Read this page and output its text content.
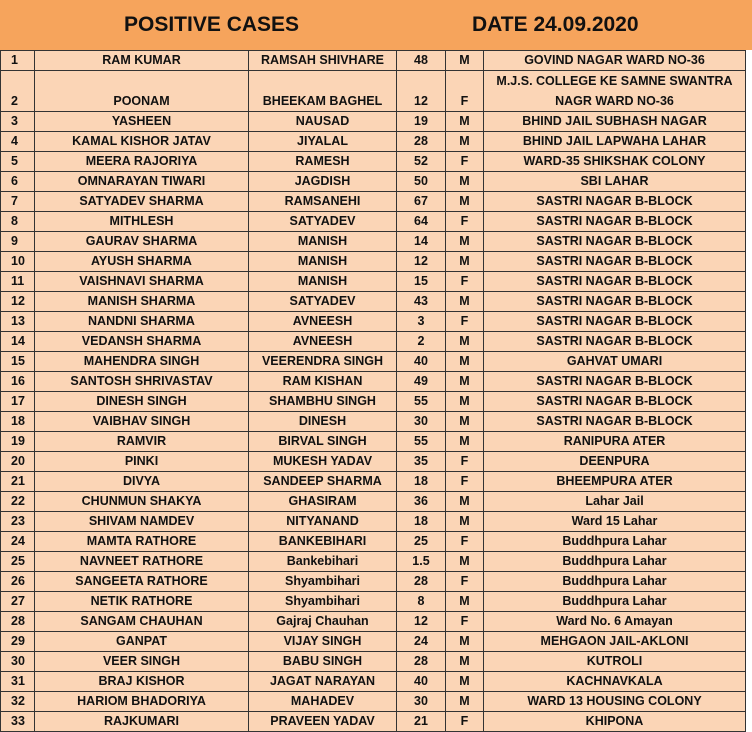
POSITIVE CASES	DATE 24.09.2020
1	RAM KUMAR	RAMSAH SHIVHARE	48	M	GOVIND NAGAR WARD NO-36	
2	POONAM	BHEEKAM BAGHEL	12	F	M.J.S. COLLEGE KE SAMNE SWANTRA NAGR WARD NO-36	
3	YASHEEN	NAUSAD	19	M	BHIND JAIL SUBHASH NAGAR	
4	KAMAL KISHOR JATAV	JIYALAL	28	M	BHIND JAIL LAPWAHA LAHAR	
5	MEERA RAJORIYA	RAMESH	52	F	WARD-35 SHIKSHAK COLONY	
6	OMNARAYAN TIWARI	JAGDISH	50	M	SBI LAHAR	
7	SATYADEV SHARMA	RAMSANEHI	67	M	SASTRI NAGAR B-BLOCK	
8	MITHLESH	SATYADEV	64	F	SASTRI NAGAR B-BLOCK	
9	GAURAV SHARMA	MANISH	14	M	SASTRI NAGAR B-BLOCK	
10	AYUSH SHARMA	MANISH	12	M	SASTRI NAGAR B-BLOCK	
11	VAISHNAVI SHARMA	MANISH	15	F	SASTRI NAGAR B-BLOCK	
12	MANISH SHARMA	SATYADEV	43	M	SASTRI NAGAR B-BLOCK	
13	NANDNI SHARMA	AVNEESH	3	F	SASTRI NAGAR B-BLOCK	
14	VEDANSH SHARMA	AVNEESH	2	M	SASTRI NAGAR B-BLOCK	
15	MAHENDRA SINGH	VEERENDRA SINGH	40	M	GAHVAT UMARI	
16	SANTOSH SHRIVASTAV	RAM KISHAN	49	M	SASTRI NAGAR B-BLOCK	
17	DINESH SINGH	SHAMBHU SINGH	55	M	SASTRI NAGAR B-BLOCK	
18	VAIBHAV SINGH	DINESH	30	M	SASTRI NAGAR B-BLOCK	
19	RAMVIR	BIRVAL SINGH	55	M	RANIPURA ATER	
20	PINKI	MUKESH YADAV	35	F	DEENPURA	
21	DIVYA	SANDEEP SHARMA	18	F	BHEEMPURA ATER	
22	CHUNMUN SHAKYA	GHASIRAM	36	M	Lahar Jail	
23	SHIVAM NAMDEV	NITYANAND	18	M	Ward 15 Lahar	
24	MAMTA RATHORE	BANKEBIHARI	25	F	Buddhpura Lahar	
25	NAVNEET RATHORE	Bankebihari	1.5	M	Buddhpura Lahar	
26	SANGEETA RATHORE	Shyambihari	28	F	Buddhpura Lahar	
27	NETIK RATHORE	Shyambihari	8	M	Buddhpura Lahar	
28	SANGAM CHAUHAN	Gajraj Chauhan	12	F	Ward No. 6 Amayan	
29	GANPAT	VIJAY SINGH	24	M	MEHGAON JAIL-AKLONI	
30	VEER SINGH	BABU SINGH	28	M	KUTROLI	
31	BRAJ KISHOR	JAGAT NARAYAN	40	M	KACHNAVKALA	
32	HARIOM BHADORIYA	MAHADEV	30	M	WARD 13 HOUSING COLONY	
33	RAJKUMARI	PRAVEEN YADAV	21	F	KHIPONA	
